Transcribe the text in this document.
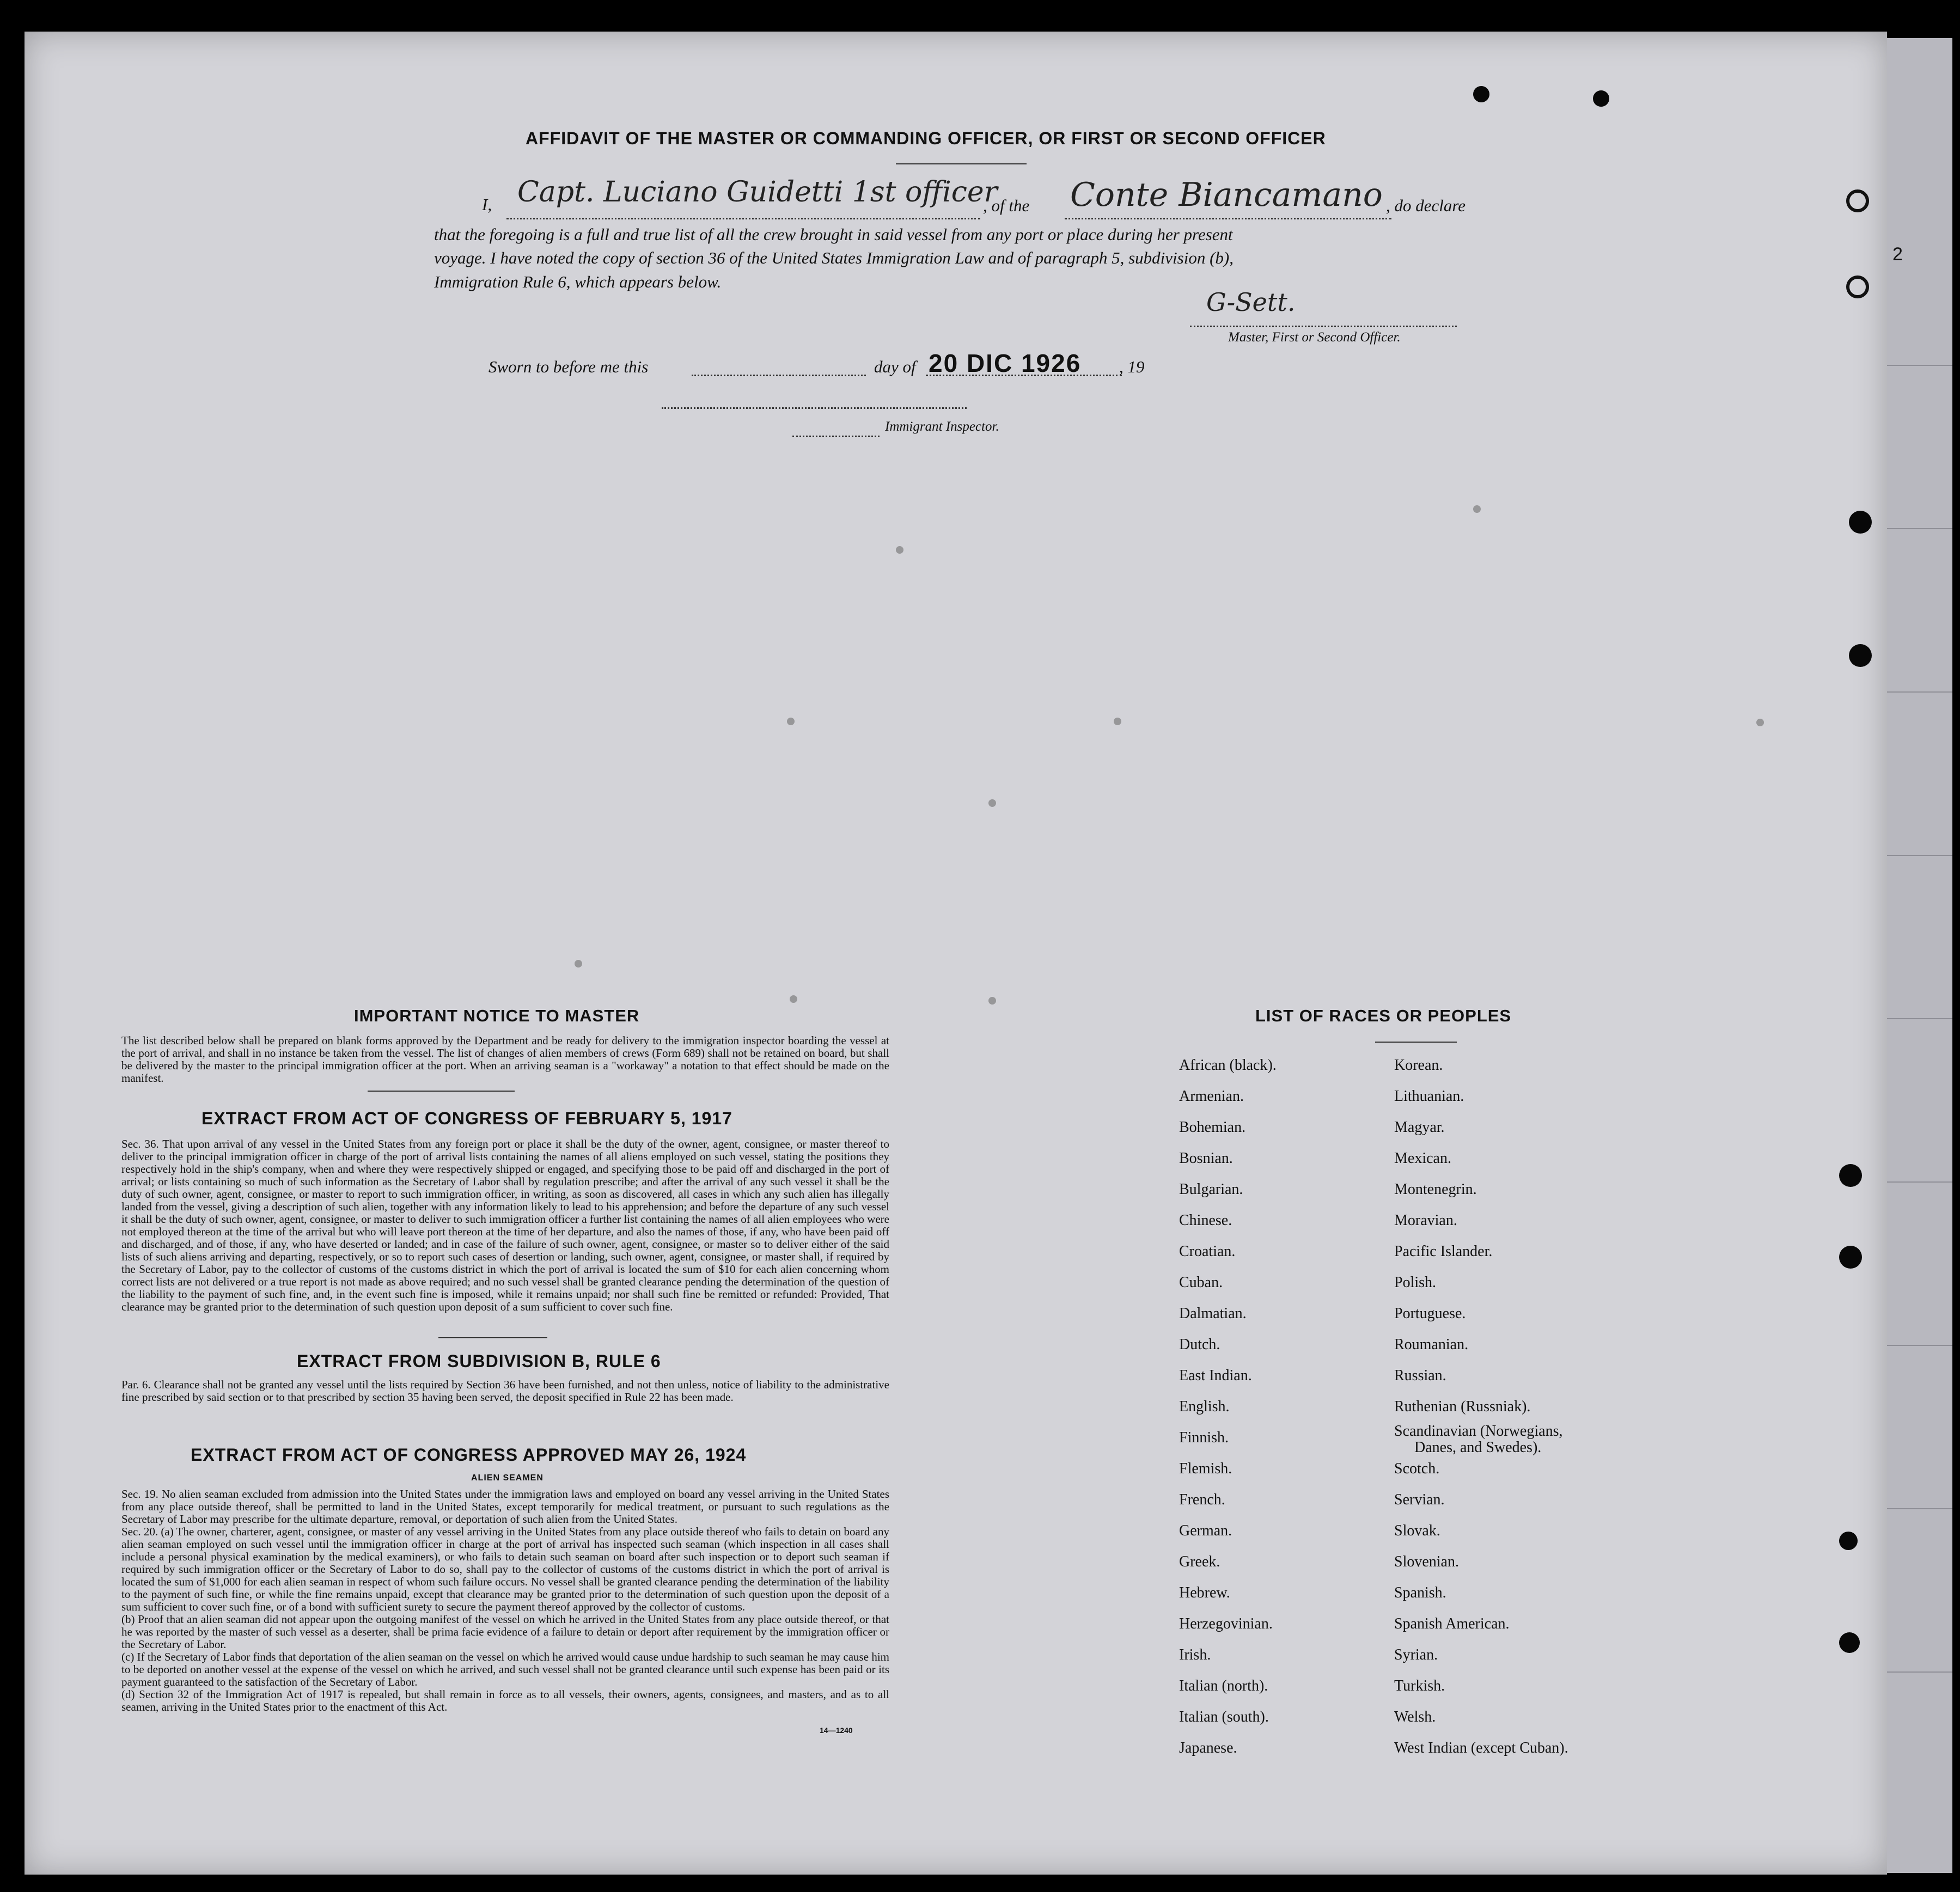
2
AFFIDAVIT OF THE MASTER OR COMMANDING OFFICER, OR FIRST OR SECOND OFFICER
I, Capt. Luciano Guidetti 1st officer
, of the Conte Biancamano , do declare
that the foregoing is a full and true list of all the crew brought in said vessel from any port or place during her present
voyage. I have noted the copy of section 36 of the United States Immigration Law and of paragraph 5, subdivision (b),
Immigration Rule 6, which appears below.
G-Sett.
Master, First or Second Officer.
Sworn to before me this	day of 20 DIC 1926 , 19
Immigrant Inspector.
IMPORTANT NOTICE TO MASTER
The list described below shall be prepared on blank forms approved by the Department and be ready for delivery to the immigration inspector boarding the vessel at the port of arrival, and shall in no instance be taken from the vessel. The list of changes of alien members of crews (Form 689) shall not be retained on board, but shall be delivered by the master to the principal immigration officer at the port. When an arriving seaman is a "workaway" a notation to that effect should be made on the manifest.
EXTRACT FROM ACT OF CONGRESS OF FEBRUARY 5, 1917
Sec. 36. That upon arrival of any vessel in the United States from any foreign port or place it shall be the duty of the owner, agent, consignee, or master thereof to deliver to the principal immigration officer in charge of the port of arrival lists containing the names of all aliens employed on such vessel, stating the positions they respectively hold in the ship's company, when and where they were respectively shipped or engaged, and specifying those to be paid off and discharged in the port of arrival; or lists containing so much of such information as the Secretary of Labor shall by regulation prescribe; and after the arrival of any such vessel it shall be the duty of such owner, agent, consignee, or master to report to such immigration officer, in writing, as soon as discovered, all cases in which any such alien has illegally landed from the vessel, giving a description of such alien, together with any information likely to lead to his apprehension; and before the departure of any such vessel it shall be the duty of such owner, agent, consignee, or master to deliver to such immigration officer a further list containing the names of all alien employees who were not employed thereon at the time of the arrival but who will leave port thereon at the time of her departure, and also the names of those, if any, who have been paid off and discharged, and of those, if any, who have deserted or landed; and in case of the failure of such owner, agent, consignee, or master so to deliver either of the said lists of such aliens arriving and departing, respectively, or so to report such cases of desertion or landing, such owner, agent, consignee, or master shall, if required by the Secretary of Labor, pay to the collector of customs of the customs district in which the port of arrival is located the sum of $10 for each alien concerning whom correct lists are not delivered or a true report is not made as above required; and no such vessel shall be granted clearance pending the determination of the question of the liability to the payment of such fine, and, in the event such fine is imposed, while it remains unpaid; nor shall such fine be remitted or refunded: Provided, That clearance may be granted prior to the determination of such question upon deposit of a sum sufficient to cover such fine.
EXTRACT FROM SUBDIVISION B, RULE 6
Par. 6. Clearance shall not be granted any vessel until the lists required by Section 36 have been furnished, and not then unless, notice of liability to the administrative fine prescribed by said section or to that prescribed by section 35 having been served, the deposit specified in Rule 22 has been made.
EXTRACT FROM ACT OF CONGRESS APPROVED MAY 26, 1924
ALIEN SEAMEN

Sec. 19. No alien seaman excluded from admission into the United States under the immigration laws and employed on board any vessel arriving in the United States from any place outside thereof, shall be permitted to land in the United States, except temporarily for medical treatment, or pursuant to such regulations as the Secretary of Labor may prescribe for the ultimate departure, removal, or deportation of such alien from the United States.

Sec. 20. (a) The owner, charterer, agent, consignee, or master of any vessel arriving in the United States from any place outside thereof who fails to detain on board any alien seaman employed on such vessel until the immigration officer in charge at the port of arrival has inspected such seaman (which inspection in all cases shall include a personal physical examination by the medical examiners), or who fails to detain such seaman on board after such inspection or to deport such seaman if required by such immigration officer or the Secretary of Labor to do so, shall pay to the collector of customs of the customs district in which the port of arrival is located the sum of $1,000 for each alien seaman in respect of whom such failure occurs. No vessel shall be granted clearance pending the determination of the liability to the payment of such fine, or while the fine remains unpaid, except that clearance may be granted prior to the determination of such question upon the deposit of a sum sufficient to cover such fine, or of a bond with sufficient surety to secure the payment thereof approved by the collector of customs.

(b) Proof that an alien seaman did not appear upon the outgoing manifest of the vessel on which he arrived in the United States from any place outside thereof, or that he was reported by the master of such vessel as a deserter, shall be prima facie evidence of a failure to detain or deport after requirement by the immigration officer or the Secretary of Labor.

(c) If the Secretary of Labor finds that deportation of the alien seaman on the vessel on which he arrived would cause undue hardship to such seaman he may cause him to be deported on another vessel at the expense of the vessel on which he arrived, and such vessel shall not be granted clearance until such expense has been paid or its payment guaranteed to the satisfaction of the Secretary of Labor.

(d) Section 32 of the Immigration Act of 1917 is repealed, but shall remain in force as to all vessels, their owners, agents, consignees, and masters, and as to all seamen, arriving in the United States prior to the enactment of this Act.

14—1240
LIST OF RACES OR PEOPLES
African (black).
Armenian.
Bohemian.
Bosnian.
Bulgarian.
Chinese.
Croatian.
Cuban.
Dalmatian.
Dutch.
East Indian.
English.
Finnish.
Flemish.
French.
German.
Greek.
Hebrew.
Herzegovinian.
Irish.
Italian (north).
Italian (south).
Japanese.
Korean.
Lithuanian.
Magyar.
Mexican.
Montenegrin.
Moravian.
Pacific Islander.
Polish.
Portuguese.
Roumanian.
Russian.
Ruthenian (Russniak).
Scandinavian (Norwegians,
Danes, and Swedes).
Scotch.
Servian.
Slovak.
Slovenian.
Spanish.
Spanish American.
Syrian.
Turkish.
Welsh.
West Indian (except Cuban).
